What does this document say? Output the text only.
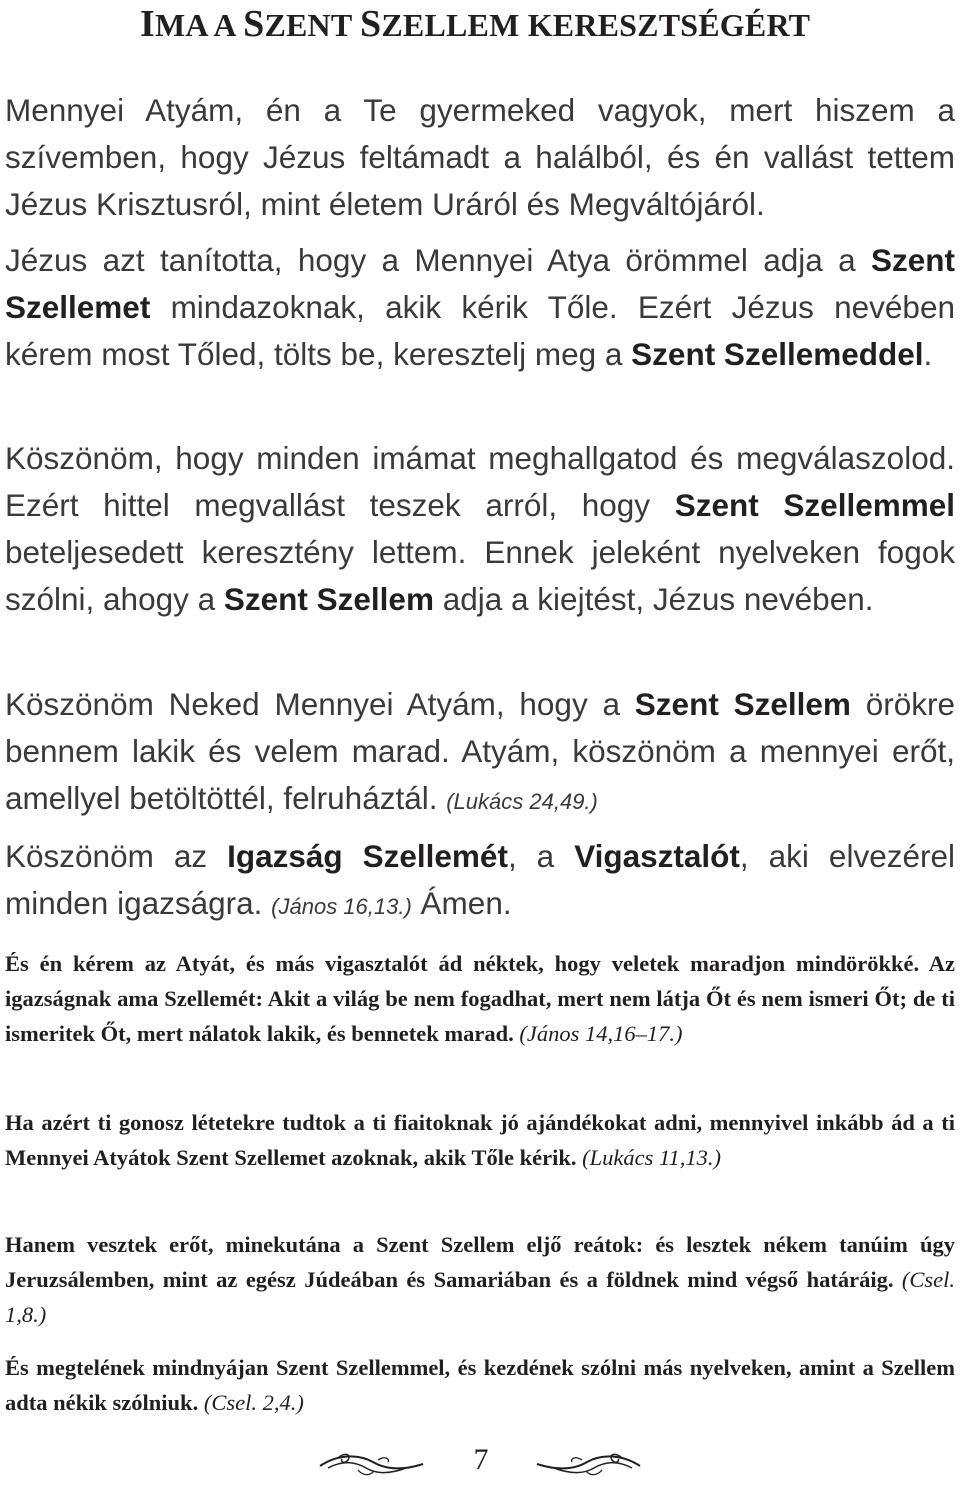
IMA A SZENT SZELLEM KERESZTSÉGÉRT

Mennyei Atyám, én a Te gyermeked vagyok, mert hiszem a szívemben, hogy Jézus feltámadt a halálból, és én vallást tettem Jézus Krisztusról, mint életem Uráról és Megváltójáról.

Jézus azt tanította, hogy a Mennyei Atya örömmel adja a Szent Szellemet mindazoknak, akik kérik Tőle. Ezért Jézus nevében kérem most Tőled, tölts be, keresztelj meg a Szent Szellemeddel.

Köszönöm, hogy minden imámat meghallgatod és megválaszolod. Ezért hittel megvallást teszek arról, hogy Szent Szellemmel beteljesedett keresztény lettem. Ennek jeleként nyelveken fogok szólni, ahogy a Szent Szellem adja a kiejtést, Jézus nevében.

Köszönöm Neked Mennyei Atyám, hogy a Szent Szellem örökre bennem lakik és velem marad. Atyám, köszönöm a mennyei erőt, amellyel betöltöttél, felruháztál. (Lukács 24,49.)

Köszönöm az Igazság Szellemét, a Vigasztalót, aki elvezérel minden igazságra. (János 16,13.) Ámen.

És én kérem az Atyát, és más vigasztalót ád néktek, hogy veletek maradjon mindörökké. Az igazságnak ama Szellemét: Akit a világ be nem fogadhat, mert nem látja Őt és nem ismeri Őt; de ti ismeritek Őt, mert nálatok lakik, és bennetek marad. (János 14,16–17.)

Ha azért ti gonosz létetekre tudtok a ti fiaitoknak jó ajándékokat adni, mennyivel inkább ád a ti Mennyei Atyátok Szent Szellemet azoknak, akik Tőle kérik. (Lukács 11,13.)

Hanem vesztek erőt, minekutána a Szent Szellem eljő reátok: és lesztek nékem tanúim úgy Jeruzsálemben, mint az egész Júdeában és Samariában és a földnek mind végső határáig. (Csel. 1,8.)

És megtelének mindnyájan Szent Szellemmel, és kezdének szólni más nyelveken, amint a Szellem adta nékik szólniuk. (Csel. 2,4.)

7
